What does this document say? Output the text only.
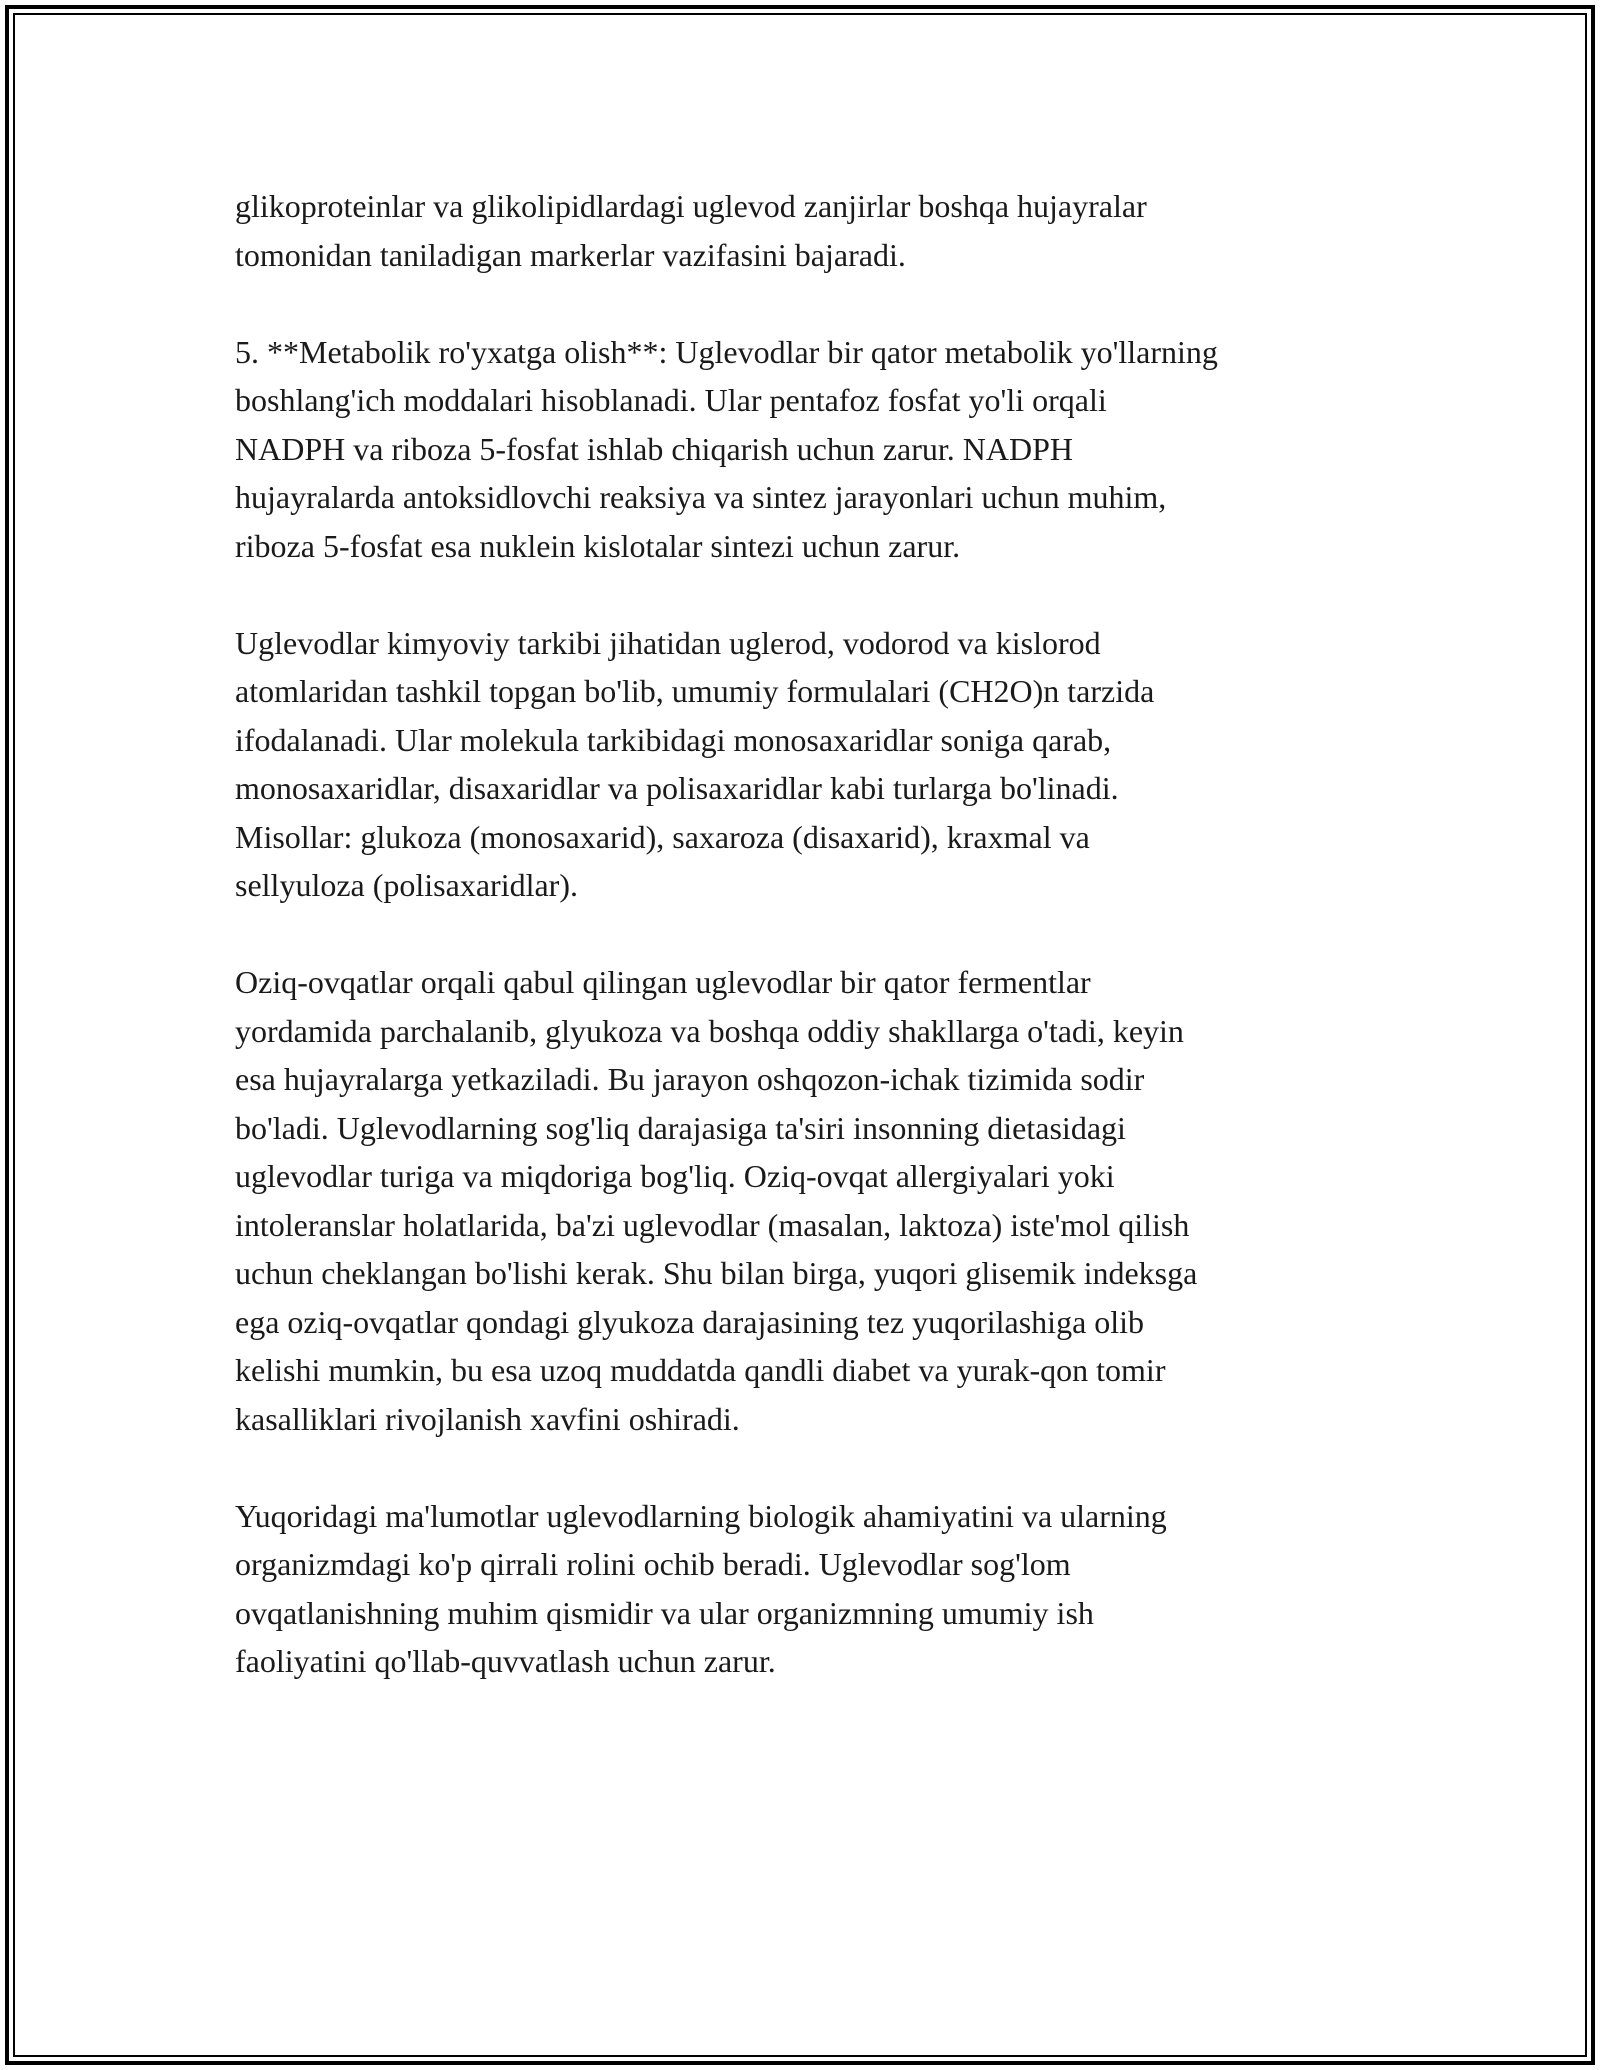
glikoproteinlar va glikolipidlardagi uglevod zanjirlar boshqa hujayralar
tomonidan taniladigan markerlar vazifasini bajaradi.

5. **Metabolik ro'yxatga olish**: Uglevodlar bir qator metabolik yo'llarning
boshlang'ich moddalari hisoblanadi. Ular pentafoz fosfat yo'li orqali
NADPH va riboza 5-fosfat ishlab chiqarish uchun zarur. NADPH
hujayralarda antoksidlovchi reaksiya va sintez jarayonlari uchun muhim,
riboza 5-fosfat esa nuklein kislotalar sintezi uchun zarur.

Uglevodlar kimyoviy tarkibi jihatidan uglerod, vodorod va kislorod
atomlaridan tashkil topgan bo'lib, umumiy formulalari (CH2O)n tarzida
ifodalanadi. Ular molekula tarkibidagi monosaxaridlar soniga qarab,
monosaxaridlar, disaxaridlar va polisaxaridlar kabi turlarga bo'linadi.
Misollar: glukoza (monosaxarid), saxaroza (disaxarid), kraxmal va
sellyuloza (polisaxaridlar).

Oziq-ovqatlar orqali qabul qilingan uglevodlar bir qator fermentlar
yordamida parchalanib, glyukoza va boshqa oddiy shakllarga o'tadi, keyin
esa hujayralarga yetkaziladi. Bu jarayon oshqozon-ichak tizimida sodir
bo'ladi. Uglevodlarning sog'liq darajasiga ta'siri insonning dietasidagi
uglevodlar turiga va miqdoriga bog'liq. Oziq-ovqat allergiyalari yoki
intoleranslar holatlarida, ba'zi uglevodlar (masalan, laktoza) iste'mol qilish
uchun cheklangan bo'lishi kerak. Shu bilan birga, yuqori glisemik indeksga
ega oziq-ovqatlar qondagi glyukoza darajasining tez yuqorilashiga olib
kelishi mumkin, bu esa uzoq muddatda qandli diabet va yurak-qon tomir
kasalliklari rivojlanish xavfini oshiradi.

Yuqoridagi ma'lumotlar uglevodlarning biologik ahamiyatini va ularning
organizmdagi ko'p qirrali rolini ochib beradi. Uglevodlar sog'lom
ovqatlanishning muhim qismidir va ular organizmning umumiy ish
faoliyatini qo'llab-quvvatlash uchun zarur.
